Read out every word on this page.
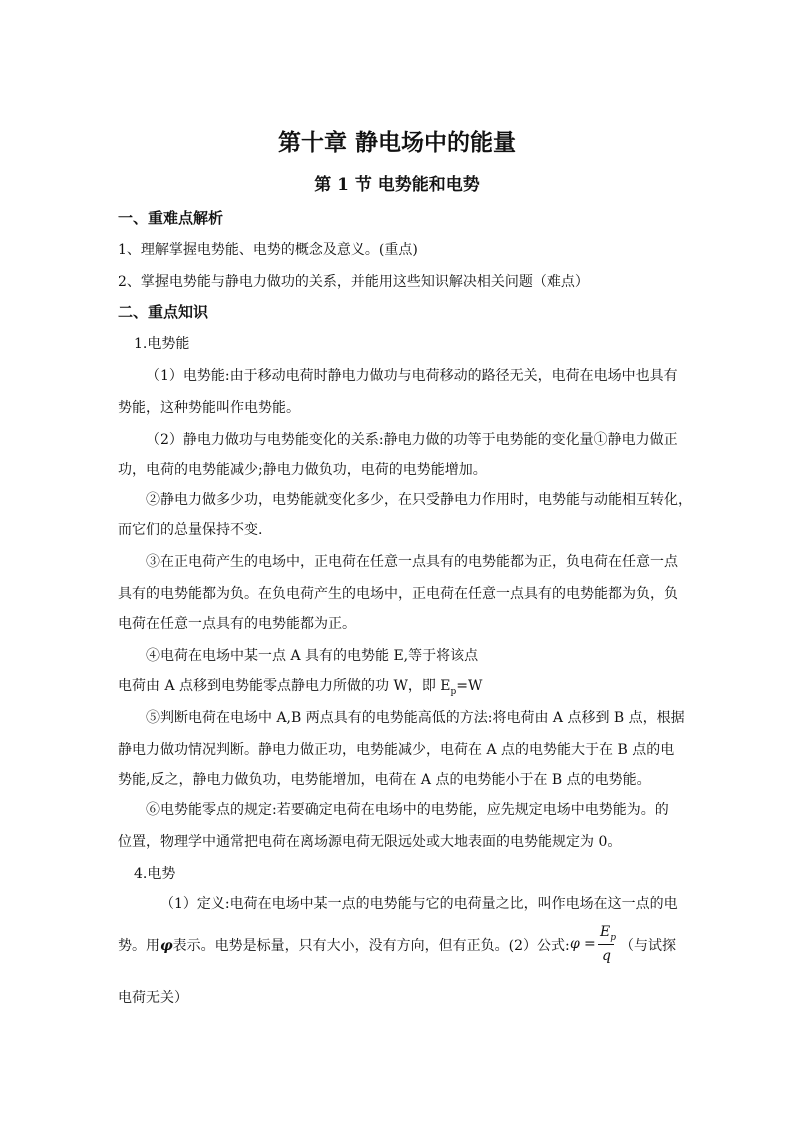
第十章 静电场中的能量
第 1 节 电势能和电势
一、重难点解析
1、理解掌握电势能、电势的概念及意义。(重点)
2、掌握电势能与静电力做功的关系，并能用这些知识解决相关问题（难点）
二、重点知识
1.电势能
（1）电势能:由于移动电荷时静电力做功与电荷移动的路径无关，电荷在电场中也具有
势能，这种势能叫作电势能。
（2）静电力做功与电势能变化的关系:静电力做的功等于电势能的变化量①静电力做正
功，电荷的电势能减少;静电力做负功，电荷的电势能增加。
②静电力做多少功，电势能就变化多少，在只受静电力作用时，电势能与动能相互转化，
而它们的总量保持不变.
③在正电荷产生的电场中，正电荷在任意一点具有的电势能都为正，负电荷在任意一点
具有的电势能都为负。在负电荷产生的电场中，正电荷在任意一点具有的电势能都为负，负
电荷在任意一点具有的电势能都为正。
④电荷在电场中某一点 A 具有的电势能 E,等于将该点
电荷由 A 点移到电势能零点静电力所做的功 W，即 $E_p=W$
⑤判断电荷在电场中 A,B 两点具有的电势能高低的方法:将电荷由 A 点移到 B 点，根据
静电力做功情况判断。静电力做正功，电势能减少，电荷在 A 点的电势能大于在 B 点的电
势能,反之，静电力做负功，电势能增加，电荷在 A 点的电势能小于在 B 点的电势能。
⑥电势能零点的规定:若要确定电荷在电场中的电势能，应先规定电场中电势能为。的
位置，物理学中通常把电荷在离场源电荷无限远处或大地表面的电势能规定为 0。
4.电势
（1）定义:电荷在电场中某一点的电势能与它的电荷量之比，叫作电场在这一点的电
势。用φ表示。电势是标量，只有大小，没有方向，但有正负。(2）公式: φ =
$E_p$
q
（与试探
电荷无关）
